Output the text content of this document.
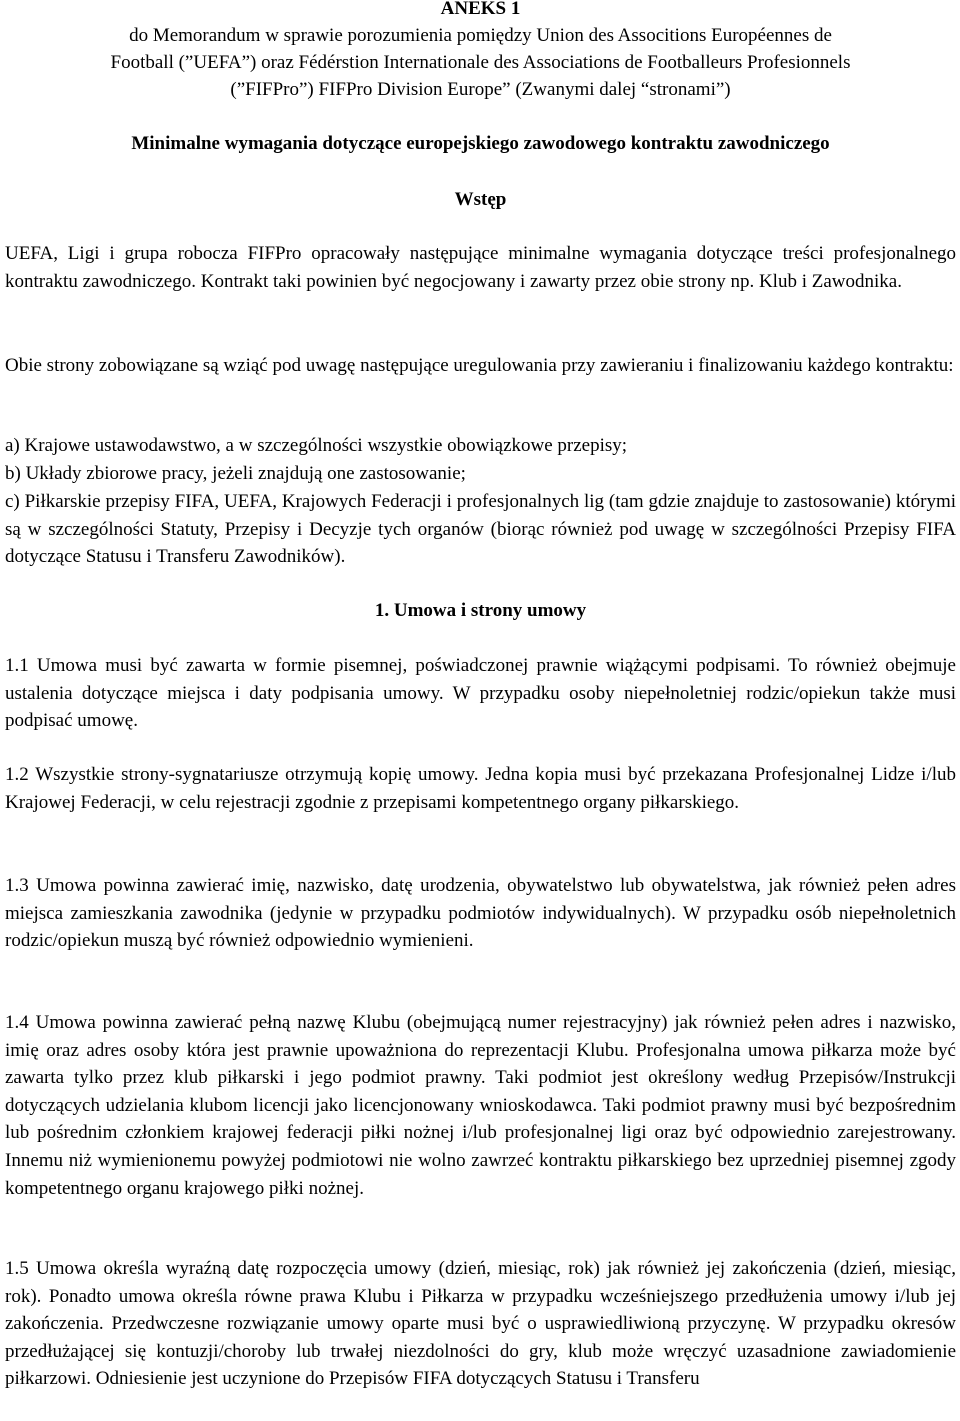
ANEKS 1
do Memorandum w sprawie porozumienia pomiędzy Union des Associtions Européennes de
Football (”UEFA”) oraz Fédérstion Internationale des Associations de Footballeurs Profesionnels
(”FIFPro”) FIFPro Division Europe” (Zwanymi dalej “stronami”)
Minimalne wymagania dotyczące europejskiego zawodowego kontraktu zawodniczego
Wstęp

UEFA, Ligi i grupa robocza FIFPro opracowały następujące minimalne wymagania dotyczące treści profesjonalnego kontraktu zawodniczego. Kontrakt taki powinien być negocjowany i zawarty przez obie strony np. Klub i Zawodnika.

Obie strony zobowiązane są wziąć pod uwagę następujące uregulowania przy zawieraniu i finalizowaniu każdego kontraktu:

a) Krajowe ustawodawstwo, a w szczególności wszystkie obowiązkowe przepisy;
b) Układy zbiorowe pracy, jeżeli znajdują one zastosowanie;
c) Piłkarskie przepisy FIFA, UEFA, Krajowych Federacji i profesjonalnych lig (tam gdzie znajduje to zastosowanie) którymi są w szczególności Statuty, Przepisy i Decyzje tych organów (biorąc również pod uwagę w szczególności Przepisy FIFA dotyczące Statusu i Transferu Zawodników).
1. Umowa i strony umowy

1.1 Umowa musi być zawarta w formie pisemnej, poświadczonej prawnie wiążącymi podpisami. To również obejmuje ustalenia dotyczące miejsca i daty podpisania umowy. W przypadku osoby niepełnoletniej rodzic/opiekun także musi podpisać umowę.

1.2 Wszystkie strony-sygnatariusze otrzymują kopię umowy. Jedna kopia musi być przekazana Profesjonalnej Lidze i/lub Krajowej Federacji, w celu rejestracji zgodnie z przepisami kompetentnego organy piłkarskiego.

1.3 Umowa powinna zawierać imię, nazwisko, datę urodzenia, obywatelstwo lub obywatelstwa, jak również pełen adres miejsca zamieszkania zawodnika (jedynie w przypadku podmiotów indywidualnych). W przypadku osób niepełnoletnich rodzic/opiekun muszą być również odpowiednio wymienieni.

1.4 Umowa powinna zawierać pełną nazwę Klubu (obejmującą numer rejestracyjny) jak również pełen adres i nazwisko, imię oraz adres osoby która jest prawnie upoważniona do reprezentacji Klubu. Profesjonalna umowa piłkarza może być zawarta tylko przez klub piłkarski i jego podmiot prawny. Taki podmiot jest określony według Przepisów/Instrukcji dotyczących udzielania klubom licencji jako licencjonowany wnioskodawca. Taki podmiot prawny musi być bezpośrednim lub pośrednim członkiem krajowej federacji piłki nożnej i/lub profesjonalnej ligi oraz być odpowiednio zarejestrowany. Innemu niż wymienionemu powyżej podmiotowi nie wolno zawrzeć kontraktu piłkarskiego bez uprzedniej pisemnej zgody kompetentnego organu krajowego piłki nożnej.

1.5 Umowa określa wyraźną datę rozpoczęcia umowy (dzień, miesiąc, rok) jak również jej zakończenia (dzień, miesiąc, rok). Ponadto umowa określa równe prawa Klubu i Piłkarza w przypadku wcześniejszego przedłużenia umowy i/lub jej zakończenia. Przedwczesne rozwiązanie umowy oparte musi być o usprawiedliwioną przyczynę. W przypadku okresów przedłużającej się kontuzji/choroby lub trwałej niezdolności do gry, klub może wręczyć uzasadnione zawiadomienie piłkarzowi. Odniesienie jest uczynione do Przepisów FIFA dotyczących Statusu i Transferu
